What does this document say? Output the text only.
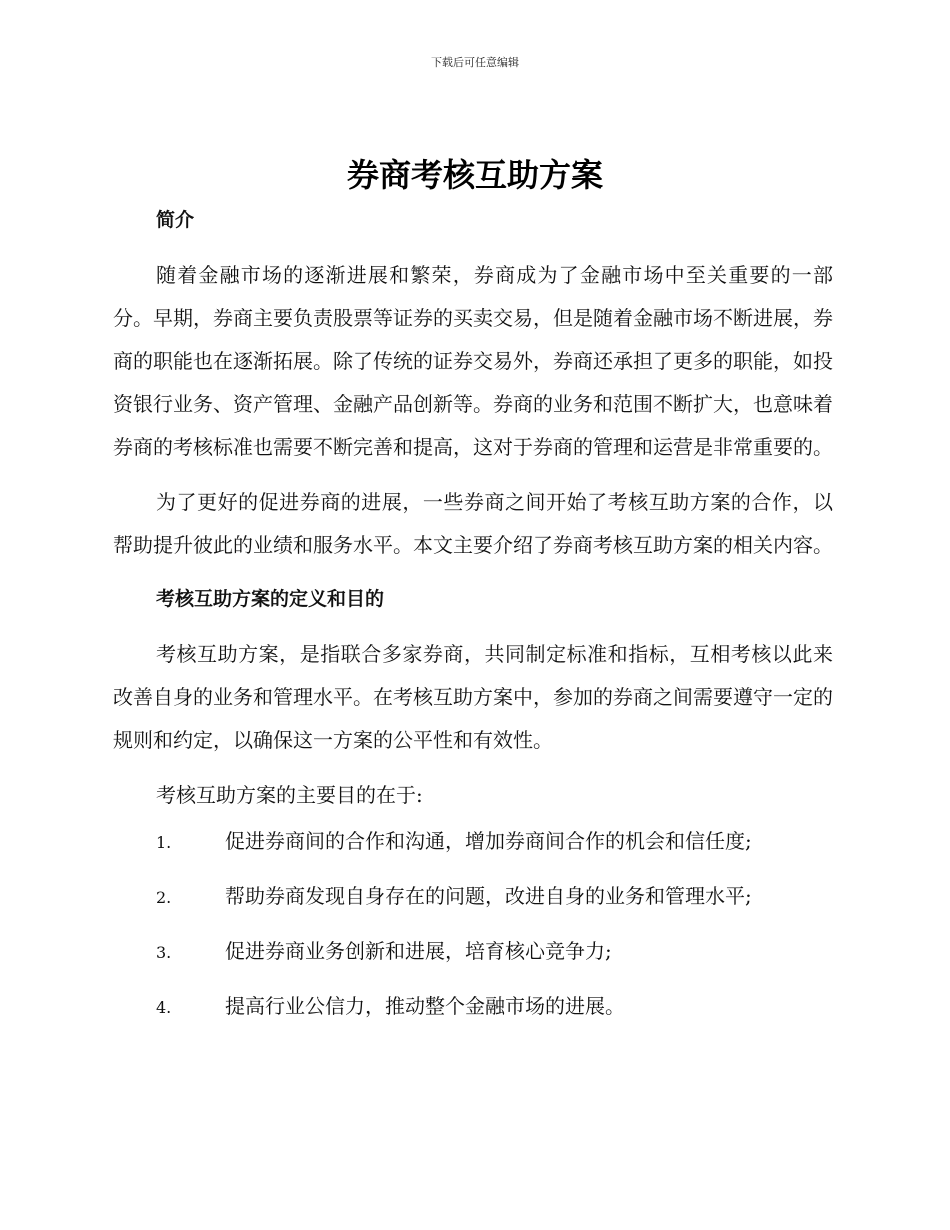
下载后可任意编辑
券商考核互助方案
简介

随着金融市场的逐渐进展和繁荣，券商成为了金融市场中至关重要的一部分。早期，券商主要负责股票等证券的买卖交易，但是随着金融市场不断进展，券商的职能也在逐渐拓展。除了传统的证券交易外，券商还承担了更多的职能，如投资银行业务、资产管理、金融产品创新等。券商的业务和范围不断扩大，也意味着券商的考核标准也需要不断完善和提高，这对于券商的管理和运营是非常重要的。

为了更好的促进券商的进展，一些券商之间开始了考核互助方案的合作，以帮助提升彼此的业绩和服务水平。本文主要介绍了券商考核互助方案的相关内容。

考核互助方案的定义和目的

考核互助方案，是指联合多家券商，共同制定标准和指标，互相考核以此来改善自身的业务和管理水平。在考核互助方案中，参加的券商之间需要遵守一定的规则和约定，以确保这一方案的公平性和有效性。

考核互助方案的主要目的在于:

1.	促进券商间的合作和沟通，增加券商间合作的机会和信任度;
2.	帮助券商发现自身存在的问题，改进自身的业务和管理水平;
3.	促进券商业务创新和进展，培育核心竞争力;
4.	提高行业公信力，推动整个金融市场的进展。
